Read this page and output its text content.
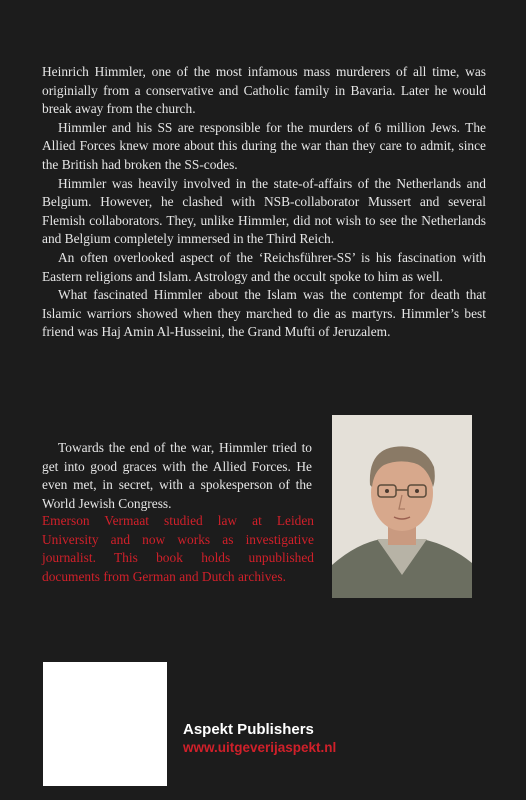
Heinrich Himmler, one of the most infamous mass murderers of all time, was originially from a conservative and Catholic family in Bavaria. Later he would break away from the church.

Himmler and his SS are responsible for the murders of 6 million Jews. The Allied Forces knew more about this during the war than they care to admit, since the British had broken the SS-codes.

Himmler was heavily involved in the state-of-affairs of the Netherlands and Belgium. However, he clashed with NSB-collaborator Mussert and several Flemish collaborators. They, unlike Himmler, did not wish to see the Netherlands and Belgium completely immersed in the Third Reich.

An often overlooked aspect of the ‘Reichsführer-SS’ is his fascination with Eastern religions and Islam. Astrology and the occult spoke to him as well.

What fascinated Himmler about the Islam was the contempt for death that Islamic warriors showed when they marched to die as martyrs. Himmler’s best friend was Haj Amin Al-Husseini, the Grand Mufti of Jeruzalem.

Towards the end of the war, Himmler tried to get into good graces with the Allied Forces. He even met, in secret, with a spokesperson of the World Jewish Congress.

Emerson Vermaat studied law at Leiden University and now works as investigative journalist. This book holds unpublished documents from German and Dutch archives.
Aspekt Publishers
www.uitgeverijaspekt.nl
